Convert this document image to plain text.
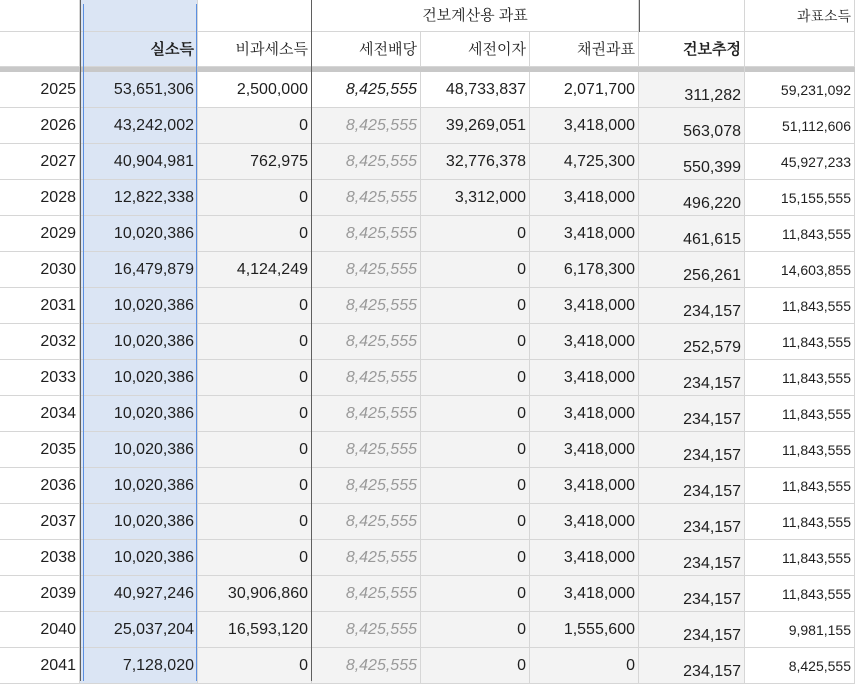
건보계산용 과표	과표소득
실소득	비과세소득	세전배당	세전이자	채권과표	건보추정
2025	53,651,306	2,500,000	8,425,555	48,733,837	2,071,700	311,282	59,231,092
2026	43,242,002	0	8,425,555	39,269,051	3,418,000	563,078	51,112,606
2027	40,904,981	762,975	8,425,555	32,776,378	4,725,300	550,399	45,927,233
2028	12,822,338	0	8,425,555	3,312,000	3,418,000	496,220	15,155,555
2029	10,020,386	0	8,425,555	0	3,418,000	461,615	11,843,555
2030	16,479,879	4,124,249	8,425,555	0	6,178,300	256,261	14,603,855
2031	10,020,386	0	8,425,555	0	3,418,000	234,157	11,843,555
2032	10,020,386	0	8,425,555	0	3,418,000	252,579	11,843,555
2033	10,020,386	0	8,425,555	0	3,418,000	234,157	11,843,555
2034	10,020,386	0	8,425,555	0	3,418,000	234,157	11,843,555
2035	10,020,386	0	8,425,555	0	3,418,000	234,157	11,843,555
2036	10,020,386	0	8,425,555	0	3,418,000	234,157	11,843,555
2037	10,020,386	0	8,425,555	0	3,418,000	234,157	11,843,555
2038	10,020,386	0	8,425,555	0	3,418,000	234,157	11,843,555
2039	40,927,246	30,906,860	8,425,555	0	3,418,000	234,157	11,843,555
2040	25,037,204	16,593,120	8,425,555	0	1,555,600	234,157	9,981,155
2041	7,128,020	0	8,425,555	0	0	234,157	8,425,555
